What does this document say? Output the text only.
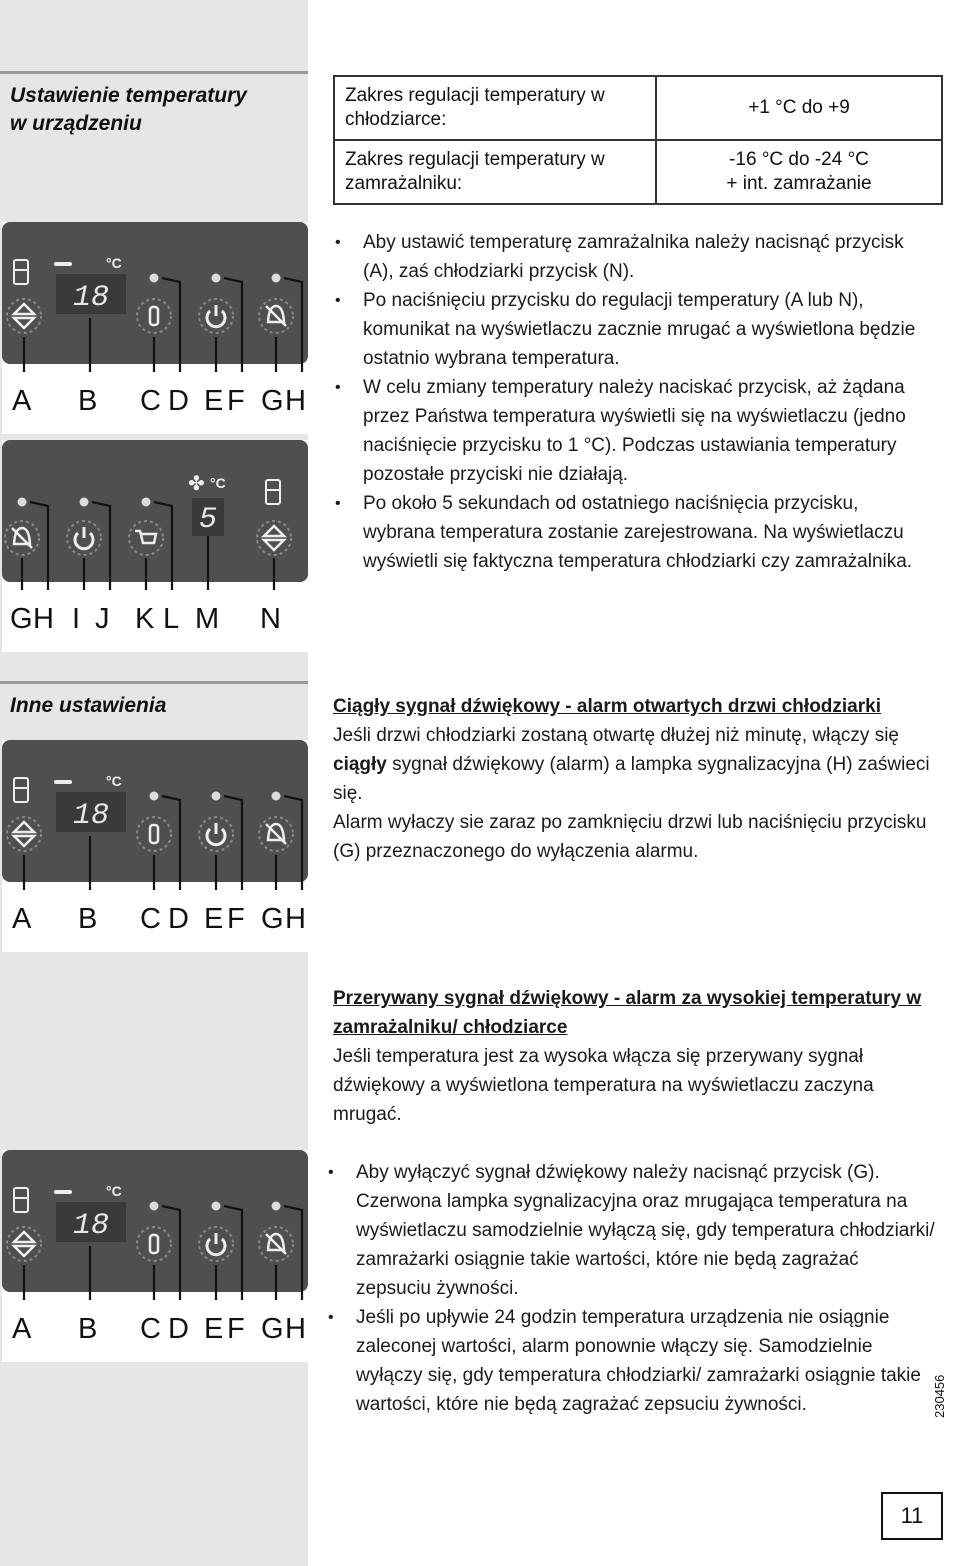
Ustawienie temperatury
w urządzeniu
Zakres regulacji temperatury w chłodziarce:	+1 °C do +9
Zakres regulacji temperatury w zamrażalniku:	-16 °C do -24 °C
+ int. zamrażanie
18
°C
A B C D E F G H
✤
5
°C
G H I J K L M N
• Aby ustawić temperaturę zamrażalnika należy nacisnąć przycisk (A), zaś chłodziarki przycisk (N).
• Po naciśnięciu przycisku do regulacji temperatury (A lub N), komunikat na wyświetlaczu zacznie mrugać a wyświetlona będzie ostatnio wybrana temperatura.
• W celu zmiany temperatury należy naciskać przycisk, aż żądana przez Państwa temperatura wyświetli się na wyświetlaczu (jedno naciśnięcie przycisku to 1 °C). Podczas ustawiania temperatury pozostałe przyciski nie działają.
• Po około 5 sekundach od ostatniego naciśnięcia przycisku, wybrana temperatura zostanie zarejestrowana. Na wyświetlaczu wyświetli się faktyczna temperatura chłodziarki czy zamrażalnika.
Inne ustawienia
18
°C
A B C D E F G H

Ciągły sygnał dźwiękowy - alarm otwartych drzwi chłodziarki

Jeśli drzwi chłodziarki zostaną otwartę dłużej niż minutę, włączy się ciągły sygnał dźwiękowy (alarm) a lampka sygnalizacyjna (H) zaświeci się.

Alarm wyłaczy sie zaraz po zamknięciu drzwi lub naciśnięciu przycisku (G) przeznaczonego do wyłączenia alarmu.

Przerywany sygnał dźwiękowy - alarm za wysokiej temperatury w zamrażalniku/ chłodziarce

Jeśli temperatura jest za wysoka włącza się przerywany sygnał dźwiękowy a wyświetlona temperatura na wyświetlaczu zaczyna mrugać.

18
°C
A B C D E F G H
• Aby wyłączyć sygnał dźwiękowy należy nacisnąć przycisk (G). Czerwona lampka sygnalizacyjna oraz mrugająca temperatura na wyświetlaczu samodzielnie wyłączą się, gdy temperatura chłodziarki/ zamrażarki osiągnie takie wartości, które nie będą zagrażać zepsuciu żywności.
• Jeśli po upływie 24 godzin temperatura urządzenia nie osiągnie zaleconej wartości, alarm ponownie włączy się. Samodzielnie wyłączy się, gdy temperatura chłodziarki/ zamrażarki osiągnie takie wartości, które nie będą zagrażać zepsuciu żywności.	230456
11
